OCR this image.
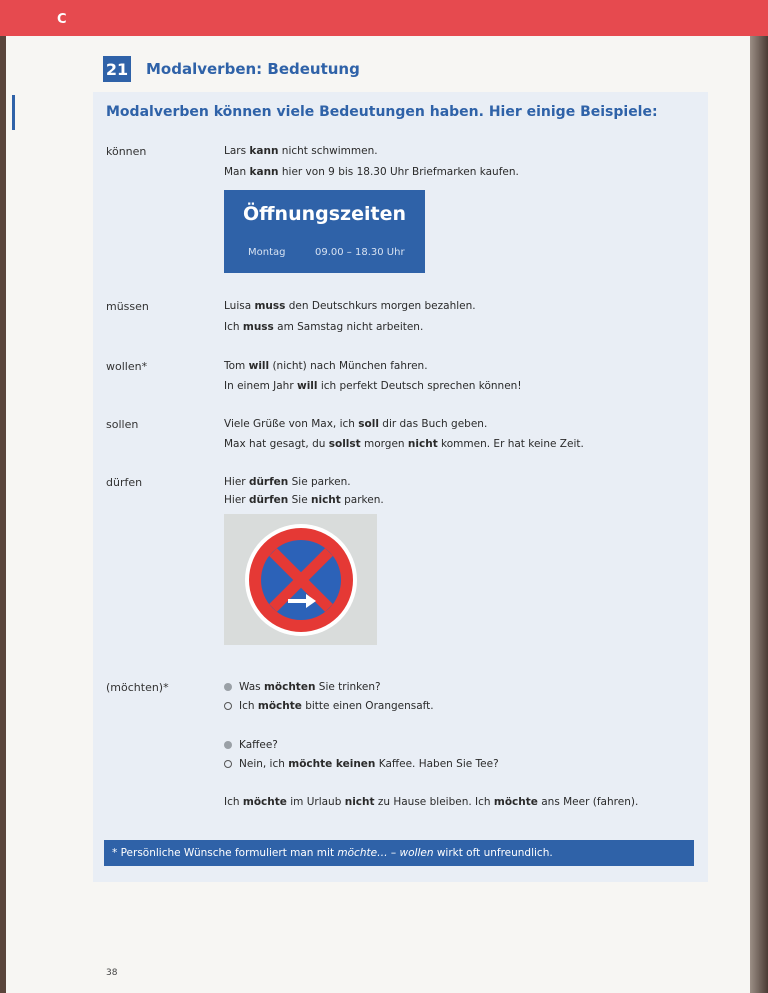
C
21 Modalverben: Bedeutung
Modalverben können viele Bedeutungen haben. Hier einige Beispiele:
können	Lars kann nicht schwimmen.
Man kann hier von 9 bis 18.30 Uhr Briefmarken kaufen.
Öffnungszeiten
Montag	09.00 – 18.30 Uhr
müssen	Luisa muss den Deutschkurs morgen bezahlen.
Ich muss am Samstag nicht arbeiten.
wollen*	Tom will (nicht) nach München fahren.
In einem Jahr will ich perfekt Deutsch sprechen können!
sollen	Viele Grüße von Max, ich soll dir das Buch geben.
Max hat gesagt, du sollst morgen nicht kommen. Er hat keine Zeit.
dürfen	Hier dürfen Sie parken.
Hier dürfen Sie nicht parken.
(möchten)*	Was möchten Sie trinken?
Ich möchte bitte einen Orangensaft.
Kaffee?
Nein, ich möchte keinen Kaffee. Haben Sie Tee?
Ich möchte im Urlaub nicht zu Hause bleiben. Ich möchte ans Meer (fahren).
* Persönliche Wünsche formuliert man mit möchte… – wollen wirkt oft unfreundlich.
38
